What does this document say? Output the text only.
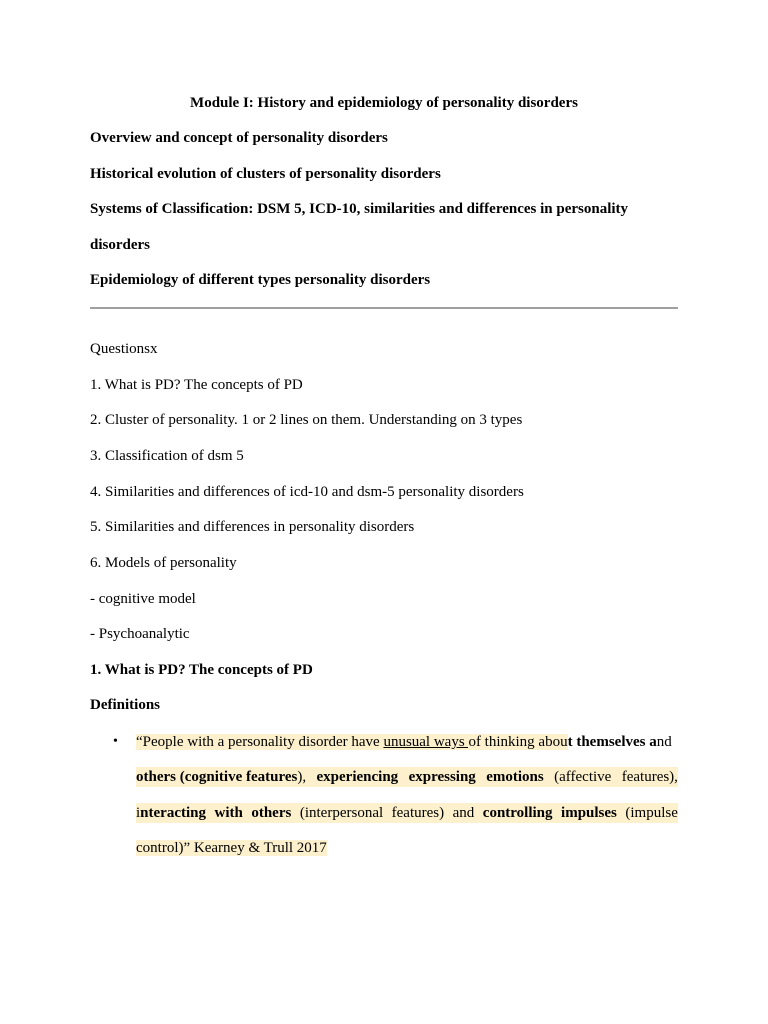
Module I: History and epidemiology of personality disorders
Overview and concept of personality disorders
Historical evolution of clusters of personality disorders
Systems of Classification: DSM 5, ICD-10, similarities and differences in personality
disorders
Epidemiology of different types personality disorders
Questionsx
1. What is PD? The concepts of PD
2. Cluster of personality. 1 or 2 lines on them. Understanding on 3 types
3. Classification of dsm 5
4. Similarities and differences of icd-10 and dsm-5 personality disorders
5. Similarities and differences in personality disorders
6. Models of personality
- cognitive model
- Psychoanalytic
1. What is PD? The concepts of PD
Definitions
• “People with a personality disorder have unusual ways of thinking about themselves and
others (cognitive features), experiencing expressing emotions (affective features),
interacting with others (interpersonal features) and controlling impulses (impulse
control)” Kearney & Trull 2017
